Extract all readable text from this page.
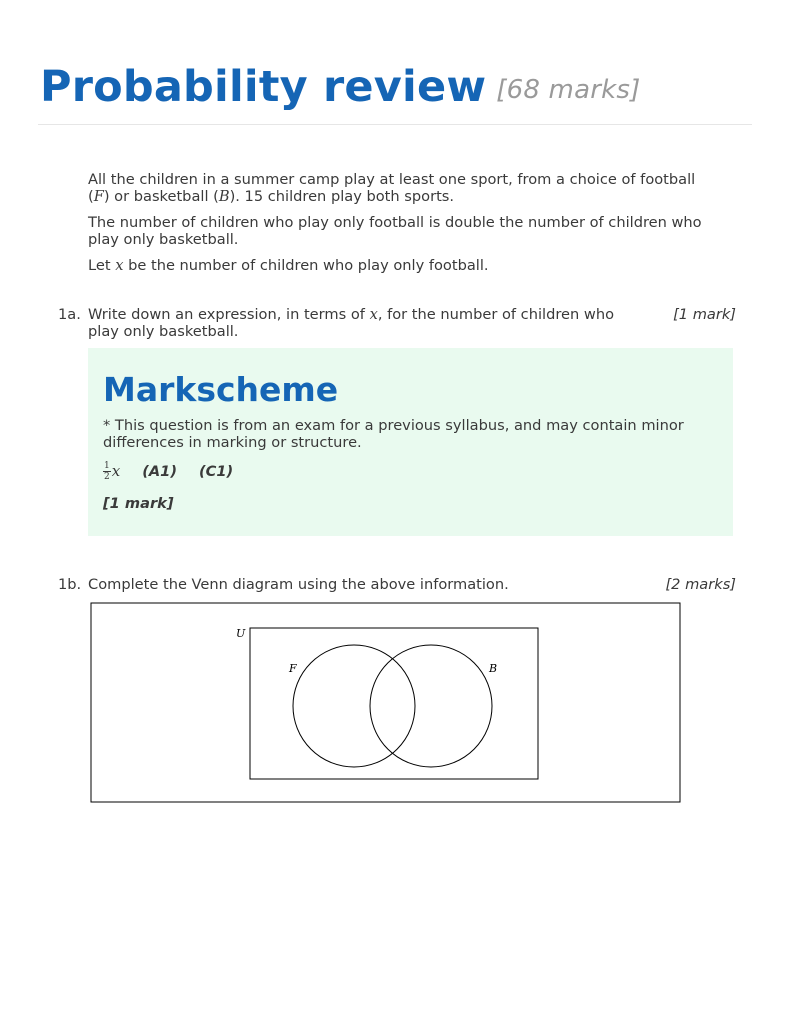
Probability review [68 marks]

All the children in a summer camp play at least one sport, from a choice of football (F) or basketball (B). 15 children play both sports.

The number of children who play only football is double the number of children who play only basketball.

Let x be the number of children who play only football.

1a. Write down an expression, in terms of x, for the number of children who play only basketball.
[1 mark]
Markscheme
* This question is from an exam for a previous syllabus, and may contain minor differences in marking or structure.
$\frac{1}{2}$ x (A1) (C1)
[1 mark]
1b. Complete the Venn diagram using the above information.	[2 marks]
U
F	B
